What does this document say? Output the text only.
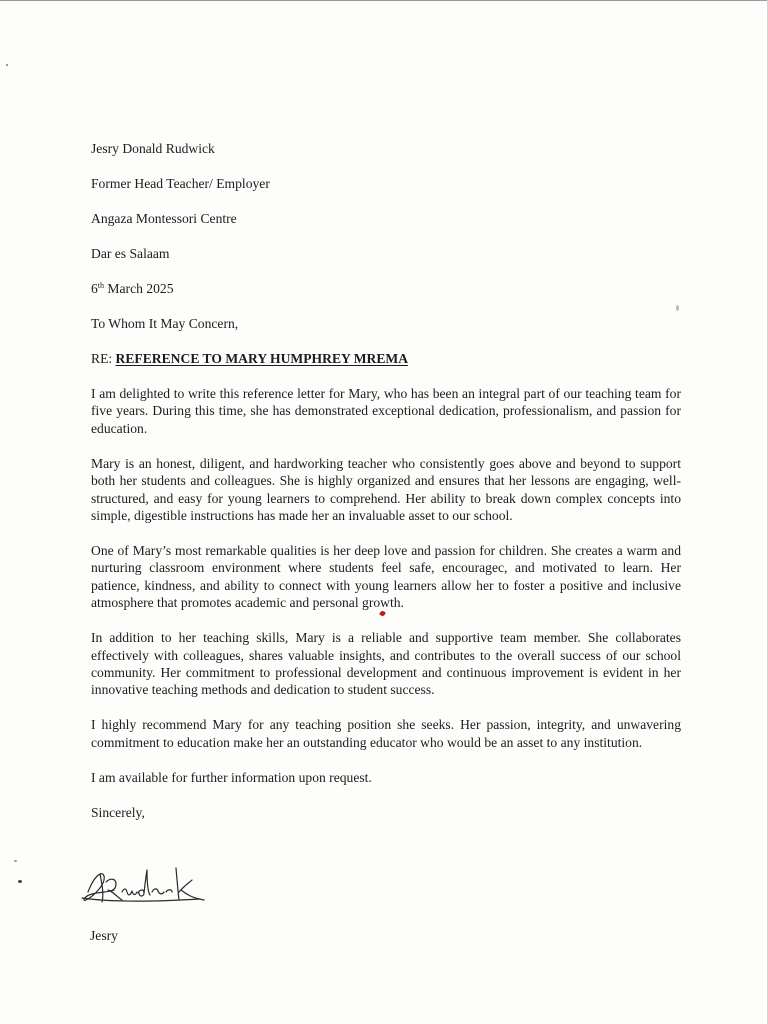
Jesry Donald Rudwick

Former Head Teacher/ Employer

Angaza Montessori Centre

Dar es Salaam

6th March 2025

To Whom It May Concern,

RE: REFERENCE TO MARY HUMPHREY MREMA

I am delighted to write this reference letter for Mary, who has been an integral part of our teaching team for five years. During this time, she has demonstrated exceptional dedication, professionalism, and passion for education.

Mary is an honest, diligent, and hardworking teacher who consistently goes above and beyond to support both her students and colleagues. She is highly organized and ensures that her lessons are engaging, well-structured, and easy for young learners to comprehend. Her ability to break down complex concepts into simple, digestible instructions has made her an invaluable asset to our school.

One of Mary’s most remarkable qualities is her deep love and passion for children. She creates a warm and nurturing classroom environment where students feel safe, encouragec, and motivated to learn. Her patience, kindness, and ability to connect with young learners allow her to foster a positive and inclusive atmosphere that promotes academic and personal growth.

In addition to her teaching skills, Mary is a reliable and supportive team member. She collaborates effectively with colleagues, shares valuable insights, and contributes to the overall success of our school community. Her commitment to professional development and continuous improvement is evident in her innovative teaching methods and dedication to student success.

I highly recommend Mary for any teaching position she seeks. Her passion, integrity, and unwavering commitment to education make her an outstanding educator who would be an asset to any institution.

I am available for further information upon request.

Sincerely,

Jesry
